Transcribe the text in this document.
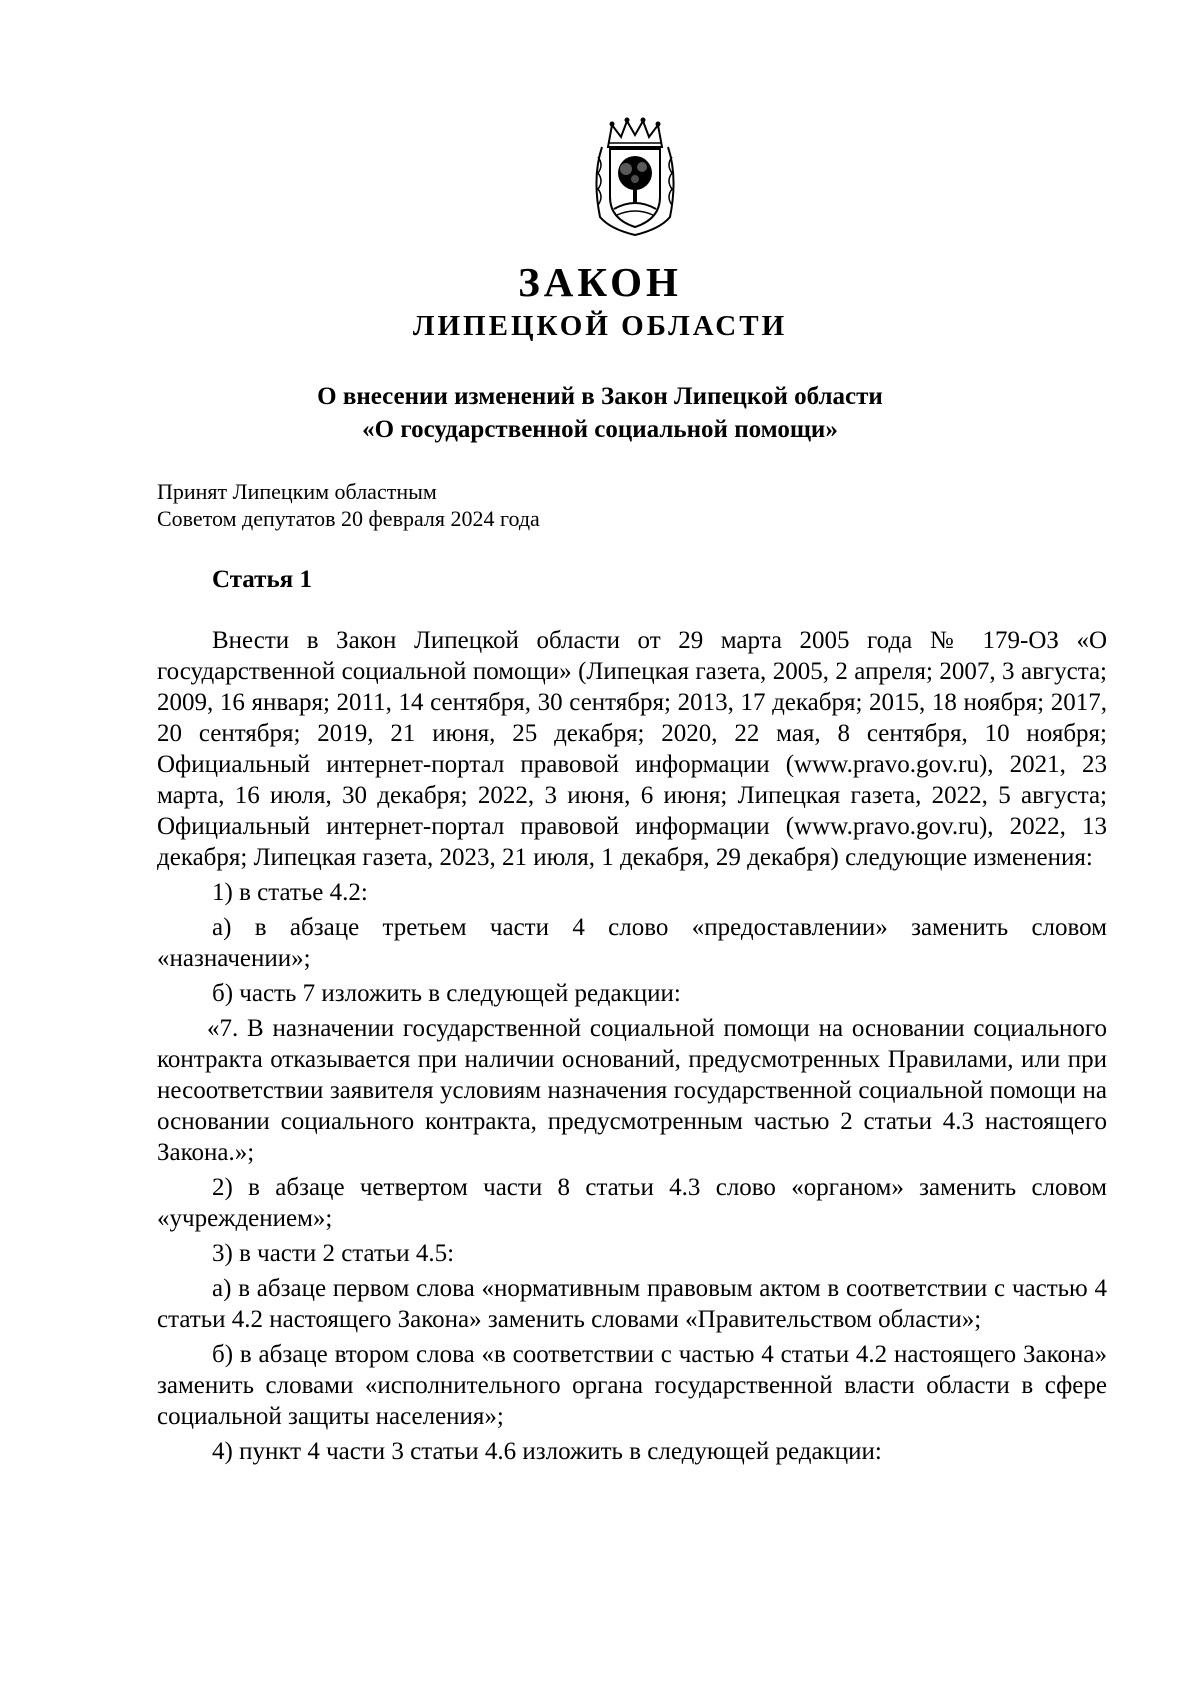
ЗАКОН
ЛИПЕЦКОЙ ОБЛАСТИ
О внесении изменений в Закон Липецкой области
«О государственной социальной помощи»
Принят Липецким областным
Советом депутатов 20 февраля 2024 года
Статья 1

Внести в Закон Липецкой области от 29 марта 2005 года № 179-ОЗ «О государственной социальной помощи» (Липецкая газета, 2005, 2 апреля; 2007, 3 августа; 2009, 16 января; 2011, 14 сентября, 30 сентября; 2013, 17 декабря; 2015, 18 ноября; 2017, 20 сентября; 2019, 21 июня, 25 декабря; 2020, 22 мая, 8 сентября, 10 ноября; Официальный интернет-портал правовой информации (www.pravo.gov.ru), 2021, 23 марта, 16 июля, 30 декабря; 2022, 3 июня, 6 июня; Липецкая газета, 2022, 5 августа; Официальный интернет-портал правовой информации (www.pravo.gov.ru), 2022, 13 декабря; Липецкая газета, 2023, 21 июля, 1 декабря, 29 декабря) следующие изменения:

1) в статье 4.2:

а) в абзаце третьем части 4 слово «предоставлении» заменить словом «назначении»;

б) часть 7 изложить в следующей редакции:

«7. В назначении государственной социальной помощи на основании социального контракта отказывается при наличии оснований, предусмотренных Правилами, или при несоответствии заявителя условиям назначения государственной социальной помощи на основании социального контракта, предусмотренным частью 2 статьи 4.3 настоящего Закона.»;

2) в абзаце четвертом части 8 статьи 4.3 слово «органом» заменить словом «учреждением»;

3) в части 2 статьи 4.5:

а) в абзаце первом слова «нормативным правовым актом в соответствии с частью 4 статьи 4.2 настоящего Закона» заменить словами «Правительством области»;

б) в абзаце втором слова «в соответствии с частью 4 статьи 4.2 настоящего Закона» заменить словами «исполнительного органа государственной власти области в сфере социальной защиты населения»;

4) пункт 4 части 3 статьи 4.6 изложить в следующей редакции:
